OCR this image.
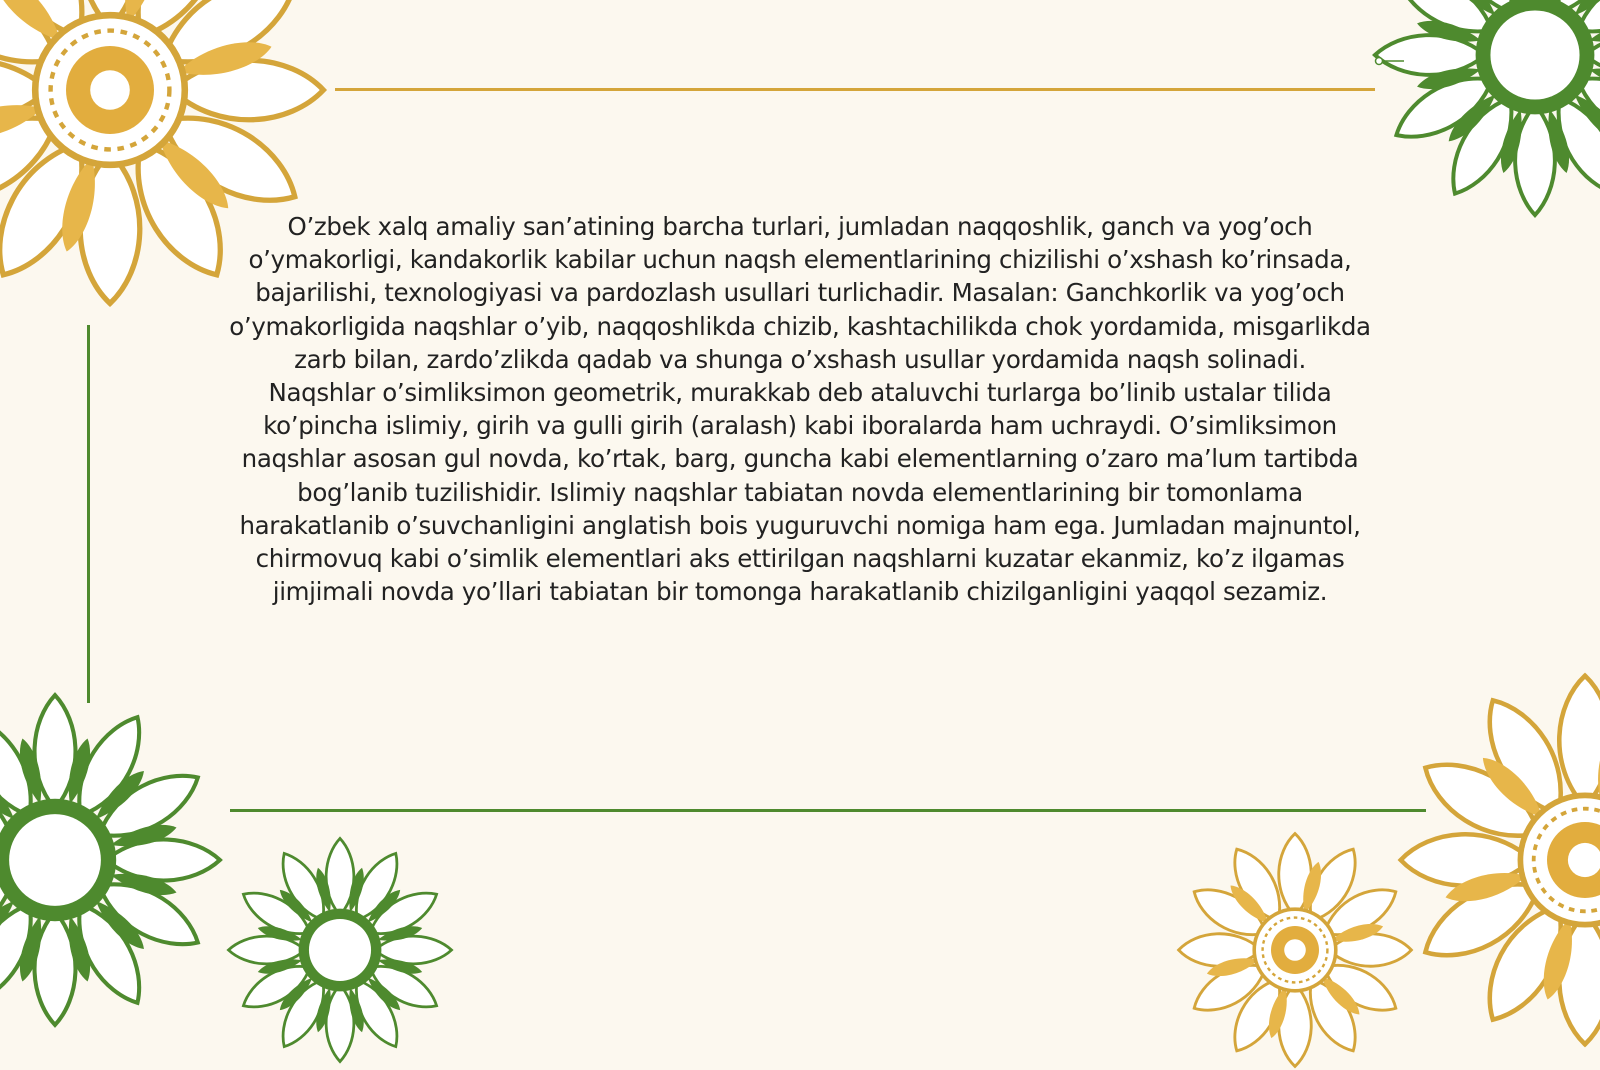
O’zbek xalq amaliy san’atining barcha turlari, jumladan naqqoshlik, ganch va yog’och o’ymakorligi, kandakorlik kabilar uchun naqsh elementlarining chizilishi o’xshash ko’rinsada, bajarilishi, texnologiyasi va pardozlash usullari turlichadir. Masalan: Ganchkorlik va yog’och o’ymakorligida naqshlar o’yib, naqqoshlikda chizib, kashtachilikda chok yordamida, misgarlikda zarb bilan, zardo’zlikda qadab va shunga o’xshash usullar yordamida naqsh solinadi.

Naqshlar o’simliksimon geometrik, murakkab deb ataluvchi turlarga bo’linib ustalar tilida ko’pincha islimiy, girih va gulli girih (aralash) kabi iboralarda ham uchraydi. O’simliksimon naqshlar asosan gul novda, ko’rtak, barg, guncha kabi elementlarning o’zaro ma’lum tartibda bog’lanib tuzilishidir. Islimiy naqshlar tabiatan novda elementlarining bir tomonlama harakatlanib o’suvchanligini anglatish bois yuguruvchi nomiga ham ega. Jumladan majnuntol, chirmovuq kabi o’simlik elementlari aks ettirilgan naqshlarni kuzatar ekanmiz, ko’z ilgamas jimjimali novda yo’llari tabiatan bir tomonga harakatlanib chizilganligini yaqqol sezamiz.
